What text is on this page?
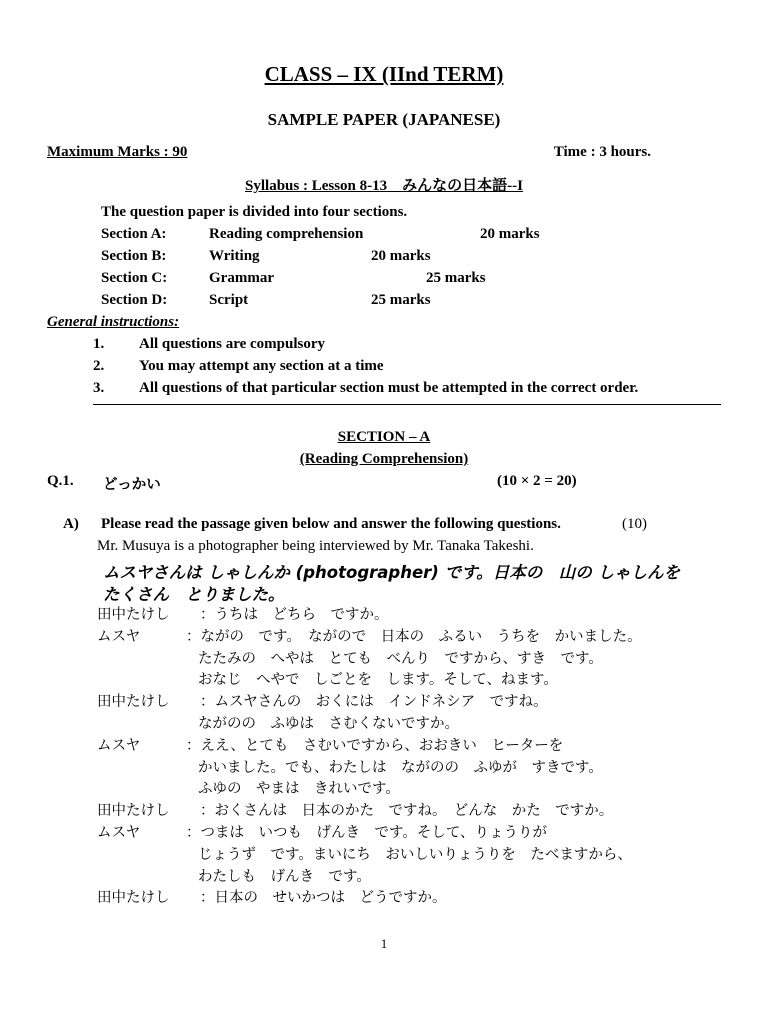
CLASS – IX (IInd TERM)
SAMPLE PAPER (JAPANESE)
Maximum Marks : 90	Time : 3 hours.
Syllabus : Lesson 8-13　みんなの日本語--I
The question paper is divided into four sections.
Section A:	Reading comprehension	20 marks
Section B:	Writing	20 marks
Section C:	Grammar	25 marks
Section D:	Script	25 marks
General instructions:
1. All questions are compulsory
2. You may attempt any section at a time
3. All questions of that particular section must be attempted in the correct order.
SECTION – A
(Reading Comprehension)
Q.1. どっかい	(10 × 2 = 20)
A) Please read the passage given below and answer the following questions.	(10)
Mr. Musuya is a photographer being interviewed by Mr. Tanaka Takeshi.
ムスヤさんは しゃしんか (photographer) です。日本の　山の しゃしんを
たくさん　とりました。
田中たけし ：うちは　どちら　ですか。
ムスヤ	：ながの　です。　ながので　日本の　ふるい　うちを　かいました。
たたみの　へやは　とても　べんり　ですから、すき　です。
おなじ　へやで　しごとを　します。そして、ねます。
田中たけし ：ムスヤさんの　おくには　インドネシア　ですね。
ながのの　ふゆは　さむくないですか。
ムスヤ	：ええ、とても　さむいですから、おおきい　ヒーターを
かいました。でも、わたしは　ながのの　ふゆが　すきです。
ふゆの　やまは　きれいです。
田中たけし ：おくさんは　日本のかた　ですね。　どんな　かた　ですか。
ムスヤ	：つまは　いつも　げんき　です。そして、りょうりが
じょうず　です。まいにち　おいしいりょうりを　たべますから、
わたしも　げんき　です。
田中たけし ：日本の　せいかつは　どうですか。
1
